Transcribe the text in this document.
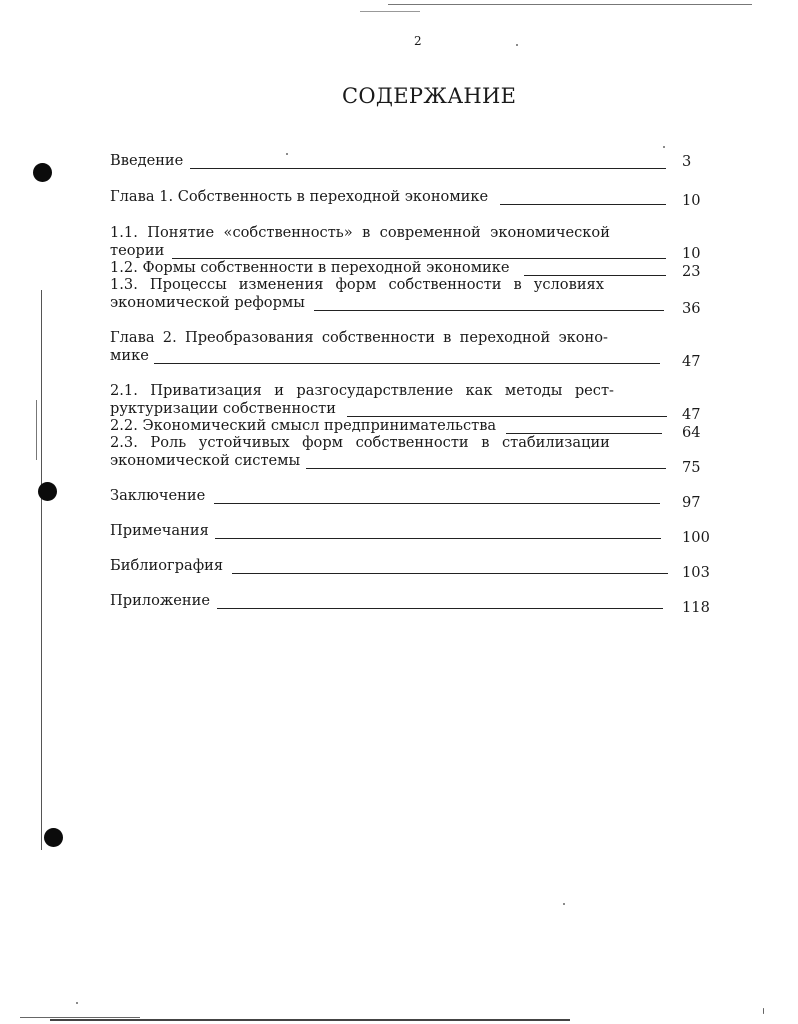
2
СОДЕРЖАНИЕ
Введение	3
Глава 1. Собственность в переходной экономике	10
1.1. Понятие «собственность» в современной экономической
теории	10
1.2. Формы собственности в переходной экономике	23
1.3. Процессы изменения форм собственности в условиях
экономической реформы	36
Глава 2. Преобразования собственности в переходной эконо-
мике	47
2.1. Приватизация и разгосударствление как методы рест-
руктуризации собственности	47
2.2. Экономический смысл предпринимательства	64
2.3. Роль устойчивых форм собственности в стабилизации
экономической системы	75
Заключение	97
Примечания	100
Библиография	103
Приложение	118
